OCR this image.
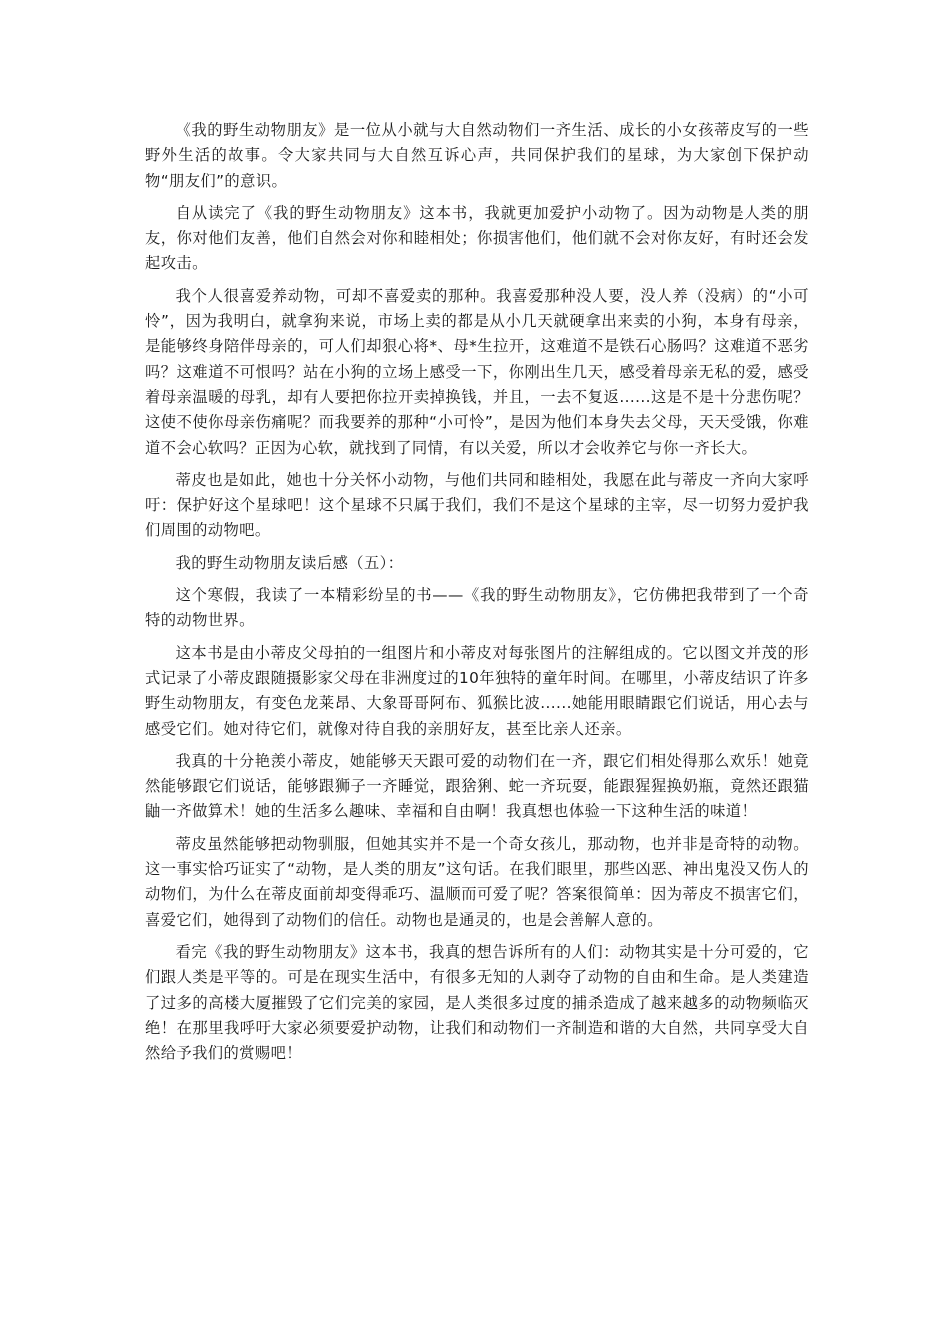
《我的野生动物朋友》是一位从小就与大自然动物们一齐生活、成长的小女孩蒂皮写的一些野外生活的故事。令大家共同与大自然互诉心声，共同保护我们的星球，为大家创下保护动物“朋友们”的意识。

自从读完了《我的野生动物朋友》这本书，我就更加爱护小动物了。因为动物是人类的朋友，你对他们友善，他们自然会对你和睦相处；你损害他们，他们就不会对你友好，有时还会发起攻击。

我个人很喜爱养动物，可却不喜爱卖的那种。我喜爱那种没人要，没人养（没病）的“小可怜”，因为我明白，就拿狗来说，市场上卖的都是从小几天就硬拿出来卖的小狗，本身有母亲，是能够终身陪伴母亲的，可人们却狠心将*、母*生拉开，这难道不是铁石心肠吗？这难道不恶劣吗？这难道不可恨吗？站在小狗的立场上感受一下，你刚出生几天，感受着母亲无私的爱，感受着母亲温暖的母乳，却有人要把你拉开卖掉换钱，并且，一去不复返......这是不是十分悲伤呢？这使不使你母亲伤痛呢？而我要养的那种“小可怜”，是因为他们本身失去父母，天天受饿，你难道不会心软吗？正因为心软，就找到了同情，有以关爱，所以才会收养它与你一齐长大。

蒂皮也是如此，她也十分关怀小动物，与他们共同和睦相处，我愿在此与蒂皮一齐向大家呼吁：保护好这个星球吧！这个星球不只属于我们，我们不是这个星球的主宰，尽一切努力爱护我们周围的动物吧。

我的野生动物朋友读后感（五）：

这个寒假，我读了一本精彩纷呈的书——《我的野生动物朋友》，它仿佛把我带到了一个奇特的动物世界。

这本书是由小蒂皮父母拍的一组图片和小蒂皮对每张图片的注解组成的。它以图文并茂的形式记录了小蒂皮跟随摄影家父母在非洲度过的10年独特的童年时间。在哪里，小蒂皮结识了许多野生动物朋友，有变色龙莱昂、大象哥哥阿布、狐猴比波......她能用眼睛跟它们说话，用心去与感受它们。她对待它们，就像对待自我的亲朋好友，甚至比亲人还亲。

我真的十分艳羡小蒂皮，她能够天天跟可爱的动物们在一齐，跟它们相处得那么欢乐！她竟然能够跟它们说话，能够跟狮子一齐睡觉，跟猞猁、蛇一齐玩耍，能跟猩猩换奶瓶，竟然还跟猫鼬一齐做算术！她的生活多么趣味、幸福和自由啊！我真想也体验一下这种生活的味道！

蒂皮虽然能够把动物驯服，但她其实并不是一个奇女孩儿，那动物，也并非是奇特的动物。这一事实恰巧证实了“动物，是人类的朋友”这句话。在我们眼里，那些凶恶、神出鬼没又伤人的动物们，为什么在蒂皮面前却变得乖巧、温顺而可爱了呢？答案很简单：因为蒂皮不损害它们，喜爱它们，她得到了动物们的信任。动物也是通灵的，也是会善解人意的。

看完《我的野生动物朋友》这本书，我真的想告诉所有的人们：动物其实是十分可爱的，它们跟人类是平等的。可是在现实生活中，有很多无知的人剥夺了动物的自由和生命。是人类建造了过多的高楼大厦摧毁了它们完美的家园，是人类很多过度的捕杀造成了越来越多的动物频临灭绝！在那里我呼吁大家必须要爱护动物，让我们和动物们一齐制造和谐的大自然，共同享受大自然给予我们的赏赐吧！
